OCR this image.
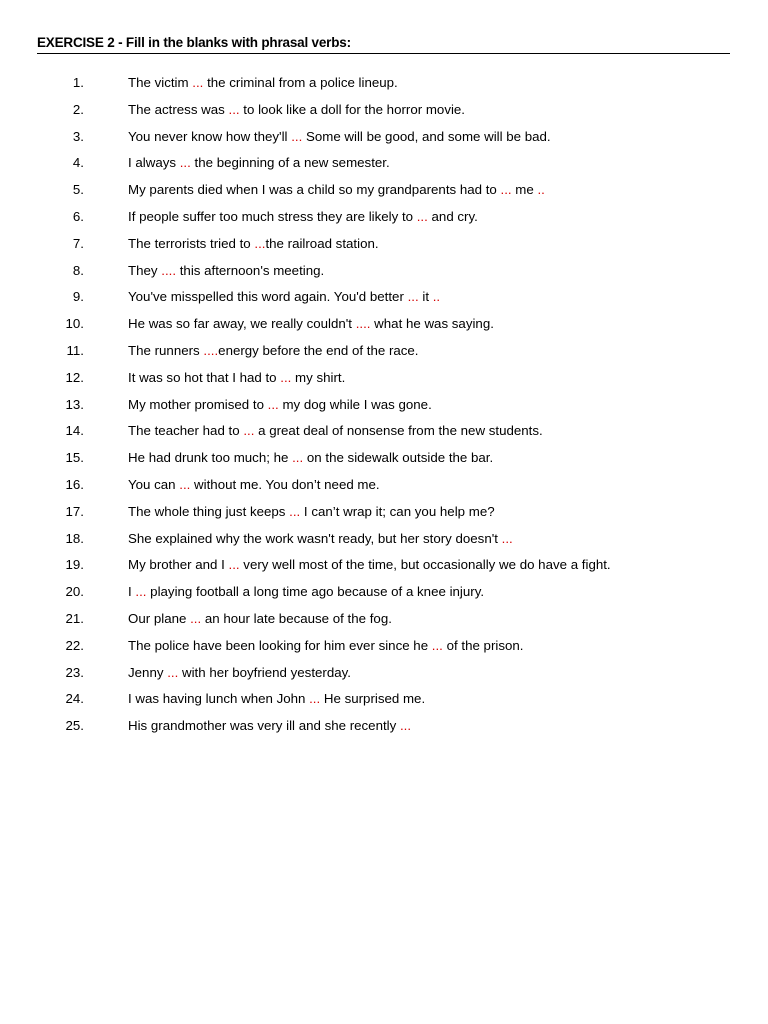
EXERCISE 2 - Fill in the blanks with phrasal verbs:
1.	The victim ... the criminal from a police lineup.
2.	The actress was ... to look like a doll for the horror movie.
3.	You never know how they'll ... Some will be good, and some will be bad.
4.	I always ... the beginning of a new semester.
5.	My parents died when I was a child so my grandparents had to ... me ..
6.	If people suffer too much stress they are likely to ... and cry.
7.	The terrorists tried to ...the railroad station.
8.	They .... this afternoon's meeting.
9.	You've misspelled this word again. You'd better ... it ..
10.	He was so far away, we really couldn't .... what he was saying.
11.	The runners ....energy before the end of the race.
12.	It was so hot that I had to ... my shirt.
13.	My mother promised to ... my dog while I was gone.
14.	The teacher had to ... a great deal of nonsense from the new students.
15.	He had drunk too much; he ... on the sidewalk outside the bar.
16.	You can ... without me. You don’t need me.
17.	The whole thing just keeps ... I can’t wrap it; can you help me?
18.	She explained why the work wasn't ready, but her story doesn't ...
19.	My brother and I ... very well most of the time, but occasionally we do have a fight.
20.	I ... playing football a long time ago because of a knee injury.
21.	Our plane ... an hour late because of the fog.
22.	The police have been looking for him ever since he ... of the prison.
23.	Jenny ... with her boyfriend yesterday.
24.	I was having lunch when John ... He surprised me.
25.	His grandmother was very ill and she recently ...
